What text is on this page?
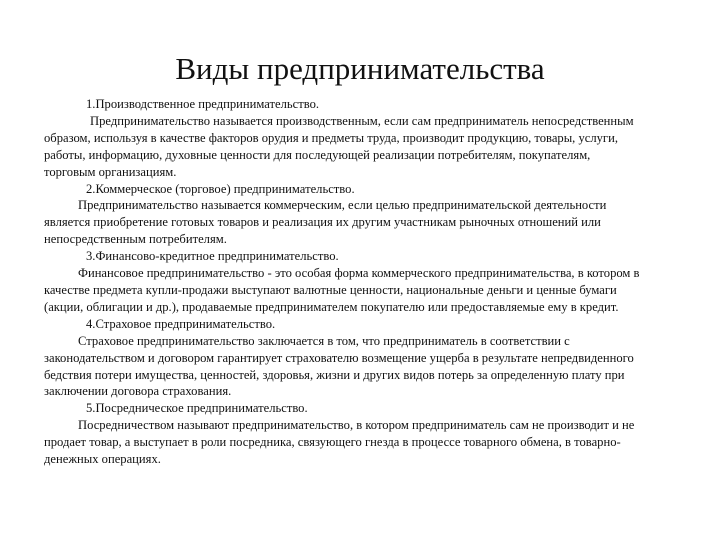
Виды предпринимательства

1.Производственное предпринимательство.

Предпринимательство называется производственным, если сам предприниматель непосредственным образом, используя в качестве факторов орудия и предметы труда, производит продукцию, товары, услуги, работы, информацию, духовные ценности для последующей реализации потребителям, покупателям, торговым организациям.

2.Коммерческое (торговое) предпринимательство.

Предпринимательство называется коммерческим, если целью предпринимательской деятельности является приобретение готовых товаров и реализация их другим участникам рыночных отношений или непосредственным потребителям.

3.Финансово-кредитное предпринимательство.

Финансовое предпринимательство - это особая форма коммерческого предпринимательства, в котором в качестве предмета купли-продажи выступают валютные ценности, национальные деньги и ценные бумаги (акции, облигации и др.), продаваемые предпринимателем покупателю или предоставляемые ему в кредит.

4.Страховое предпринимательство.

Страховое предпринимательство заключается в том, что предприниматель в соответствии с законодательством и договором гарантирует страхователю возмещение ущерба в результате непредвиденного бедствия потери имущества, ценностей, здоровья, жизни и других видов потерь за определенную плату при заключении договора страхования.

5.Посредническое предпринимательство.

Посредничеством называют предпринимательство, в котором предприниматель сам не производит и не продает товар, а выступает в роли посредника, связующего гнезда в процессе товарного обмена, в товарно-денежных операциях.
